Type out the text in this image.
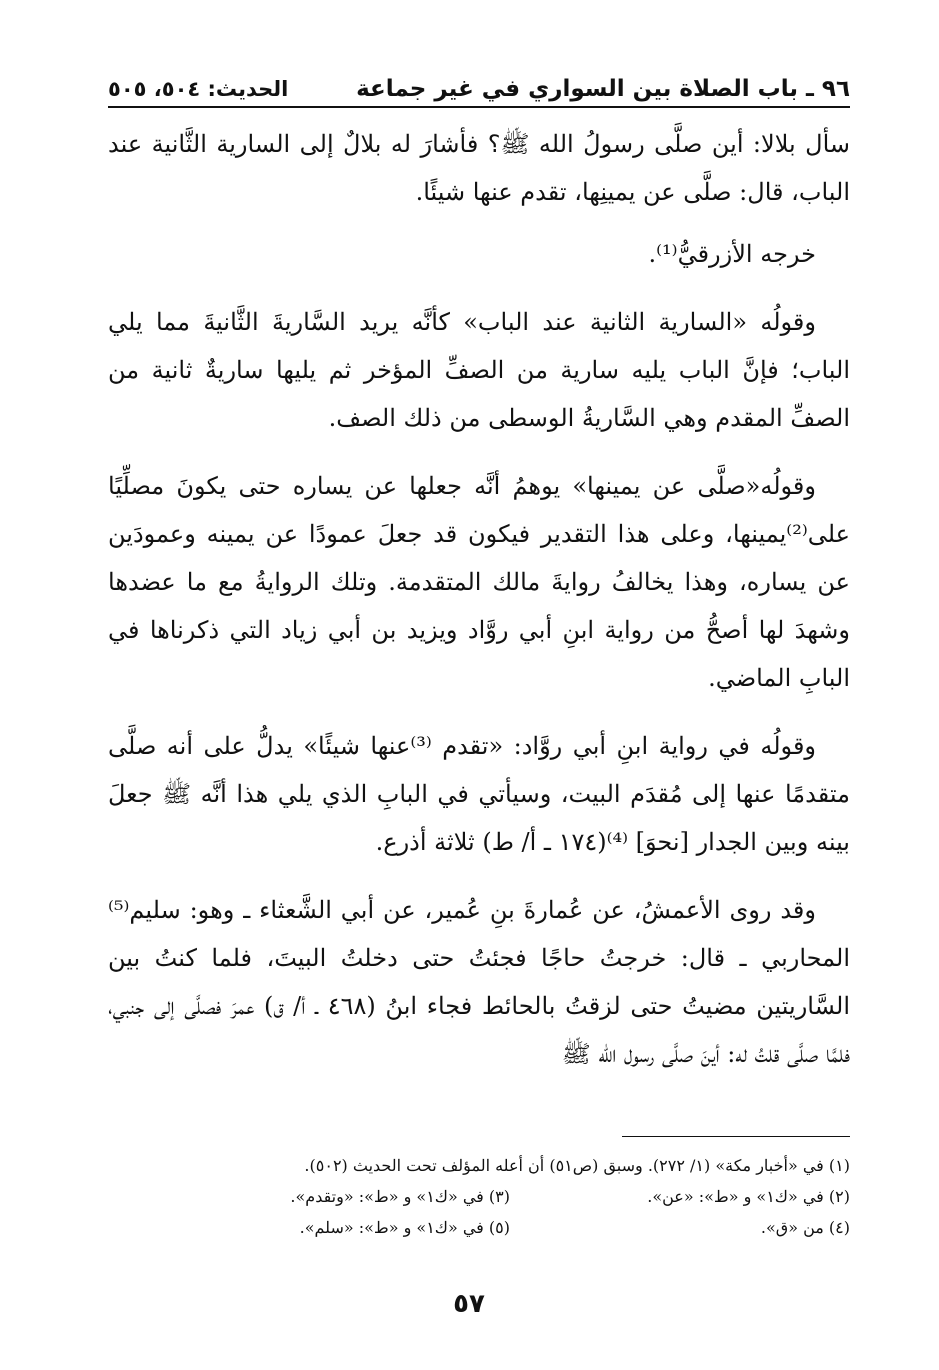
٩٦ ـ باب الصلاة بين السواري في غير جماعة
الحديث: ٥٠٤، ٥٠٥

سأل بلالا: أين صلَّى رسولُ الله ﷺ؟ فأشارَ له بلالٌ إلى السارية الثَّانية عند الباب، قال: صلَّى عن يمينِها، تقدم عنها شيئًا.

خرجه الأزرقيُّ⁽¹⁾.

وقولُه «السارية الثانية عند الباب» كأنَّه يريد السَّاريةَ الثَّانيةَ مما يلي الباب؛ فإنَّ الباب يليه سارية من الصفِّ المؤخر ثم يليها ساريةٌ ثانية من الصفِّ المقدم وهي السَّاريةُ الوسطى من ذلك الصف.

وقولُه«صلَّى عن يمينها» يوهمُ أنَّه جعلها عن يساره حتى يكونَ مصلِّيًا على⁽²⁾يمينها، وعلى هذا التقدير فيكون قد جعلَ عمودًا عن يمينه وعمودَين عن يساره، وهذا يخالفُ روايةَ مالك المتقدمة. وتلك الروايةُ مع ما عضدها وشهدَ لها أصحُّ من رواية ابنِ أبي روَّاد ويزيد بن أبي زياد التي ذكرناها في البابِ الماضي.

وقولُه في رواية ابنِ أبي روَّاد: «تقدم ⁽³⁾عنها شيئًا» يدلُّ على أنه صلَّى متقدمًا عنها إلى مُقدَم البيت، وسيأتي في البابِ الذي يلي هذا أنَّه ﷺ جعلَ بينه وبين الجدار [نحوَ] ⁽⁴⁾(١٧٤ ـ أ/ ط) ثلاثة أذرع.

وقد روى الأعمشُ، عن عُمارةَ بنِ عُمير، عن أبي الشَّعثاء ـ وهو: سليم⁽⁵⁾ المحاربي ـ قال: خرجتُ حاجًا فجئتُ حتى دخلتُ البيتَ، فلما كنتُ بين السَّاريتين مضيتُ حتى لزقتُ بالحائط فجاء ابنُ (٤٦٨ ـ أ/ ق) عمرَ فصلَّى إلى جنبي، فلمَّا صلَّى قلتُ له: أينَ صلَّى رسول الله ﷺ

(١) في «أخبار مكة» (١/ ٢٧٢). وسبق (ص٥١) أن أعله المؤلف تحت الحديث (٥٠٢).
(٢) في «ك١» و «ط»: «عن».
(٣) في «ك١» و «ط»: «وتقدم».
(٤) من «ق».
(٥) في «ك١» و «ط»: «سلم».
٥٧
